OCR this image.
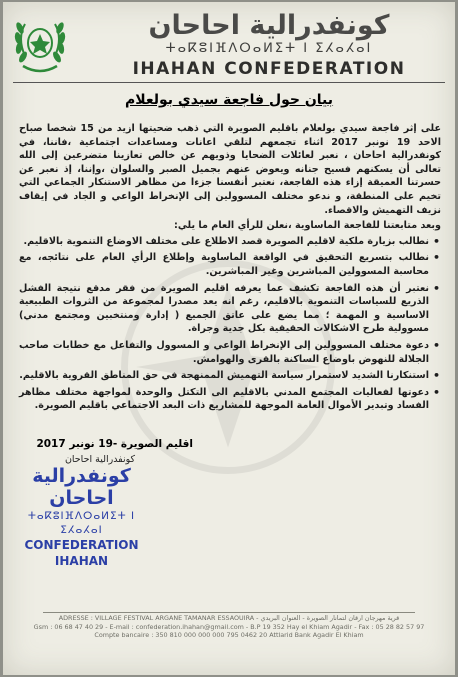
كونفدرالية احاحان
ⵜⴰⴽⵓⵏⴼⴷⵔⴰⵍⵉⵜ ⵏ ⵉⵃⴰⵃⴰⵏ
IHAHAN CONFEDERATION
بيان حول فاجعة سيدي بولعلام

على إثر فاجعة سيدي بولعلام باقليم الصويرة التي ذهب ضحيتها ازيد من 15 شخصا صباح الاحد 19 نونبر 2017 اثناء تجمعهم لتلقي اعانات ومساعدات اجتماعية ،فاننا، في كونفدرالية احاحان ، نعبر لعائلات الضحايا وذويهم عن خالص تعازينا متضرعين إلى الله تعالى أن يسكنهم فسيح جنانه ويعوض عنهم بجميل الصبر والسلوان ،وإننا، إذ نعبر عن حسرتنا العميقة إزاء هذه الفاجعة، نعتبر أنفسنا جزءا من مظاهر الاستنكار الجماعي التي تخيم على المنطقة، و ندعو مختلف المسوولين إلى الإنخراط الواعي و الجاد في إيقاف نزيف التهميش والاقصاء.

وبعد متابعتنا للفاجعة الماساوية ،نعلن للرأي العام ما يلي:

• نطالب بزيارة ملكية لاقليم الصويرة قصد الاطلاع على مختلف الاوضاع التنموية بالاقليم.
• نطالب بتسريع التحقيق في الواقعة الماساوية وإطلاع الرأي العام على نتائجه، مع محاسبة المسوولين المباشرين وغير المباشرين.
• نعتبر أن هذه الفاجعة تكشف عما يعرفه اقليم الصويرة من فقر مدقع نتيجة الفشل الذريع للسياسات التنموية بالاقليم، رغم انه يعد مصدرا لمجموعة من الثروات الطبيعية الاساسية و المهمة ؛ مما يضع على عاتق الجميع ( إدارة ومنتخبين ومجتمع مدني) مسوولية طرح الاشكالات الحقيقية بكل جدية وجراة.
• دعوة مختلف المسوولين إلى الإنخراط الواعي و المسوول والتفاعل مع خطابات صاحب الجلالة للنهوض باوضاع الساكنة بالقرى والهوامش.
• استنكارنا الشديد لاستمرار سياسة التهميش الممنهجة في حق المناطق القروية بالاقليم.
• دعوتها لفعاليات المجتمع المدني بالاقليم الى التكتل والوحدة لمواجهة مختلف مظاهر الفساد وتبدير الأموال العامة الموجهة للمشاريع ذات البعد الاجتماعي باقليم الصويرة.
اقليم الصويرة -19 نونبر 2017
كونفدرالية احاحان
كونفدرالية احاحان
ⵜⴰⴽⵓⵏⴼⴷⵔⴰⵍⵉⵜ ⵏ ⵉⵃⴰⵃⴰⵏ
CONFEDERATION IHAHAN
ADRESSE : VILLAGE FESTIVAL ARGANE TAMANAR ESSAOUIRA - قرية مهرجان ارقان لتمانار الصويرة - العنوان البريدي
Gsm : 06 68 47 40 29 - E-mail : confederation.ihahan@gmail.com - B.P 19 352 Hay el Khiam Agadir - Fax : 05 28 82 57 97
Compte bancaire : 350 810 000 000 000 795 0462 20 Attlarid Bank Agadir El Khiam
